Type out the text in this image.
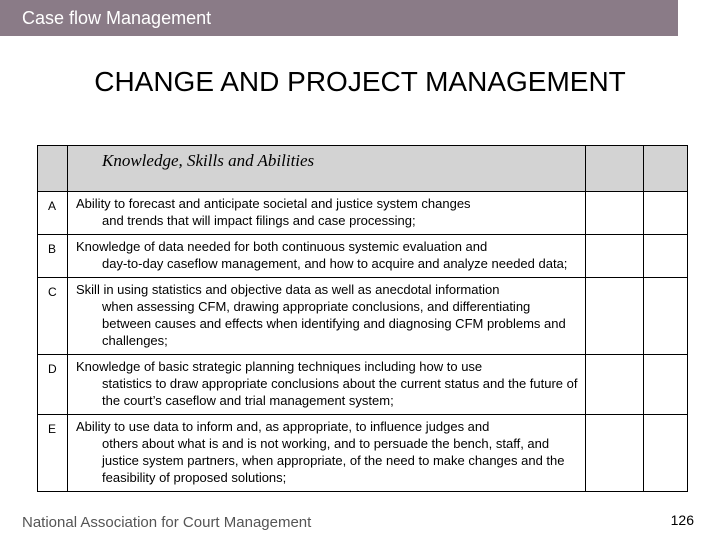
Case flow Management
CHANGE AND PROJECT MANAGEMENT
	Knowledge, Skills and Abilities		
A	Ability to forecast and anticipate societal and justice system changes
and trends that will impact filings and case processing;		

B	Knowledge of data needed for both continuous systemic evaluation and
day-to-day caseflow management, and how to acquire and analyze needed data;		

C	Skill in using statistics and objective data as well as anecdotal information
when assessing CFM, drawing appropriate conclusions, and differentiating between causes and effects when identifying and diagnosing CFM problems and challenges;		

D	Knowledge of basic strategic planning techniques including how to use
statistics to draw appropriate conclusions about the current status and the future of the court’s caseflow and trial management system;		

E	Ability to use data to inform and, as appropriate, to influence judges and
others about what is and is not working, and to persuade the bench, staff, and justice system partners, when appropriate, of the need to make changes and the feasibility of proposed solutions;		

National Association for Court Management	126
